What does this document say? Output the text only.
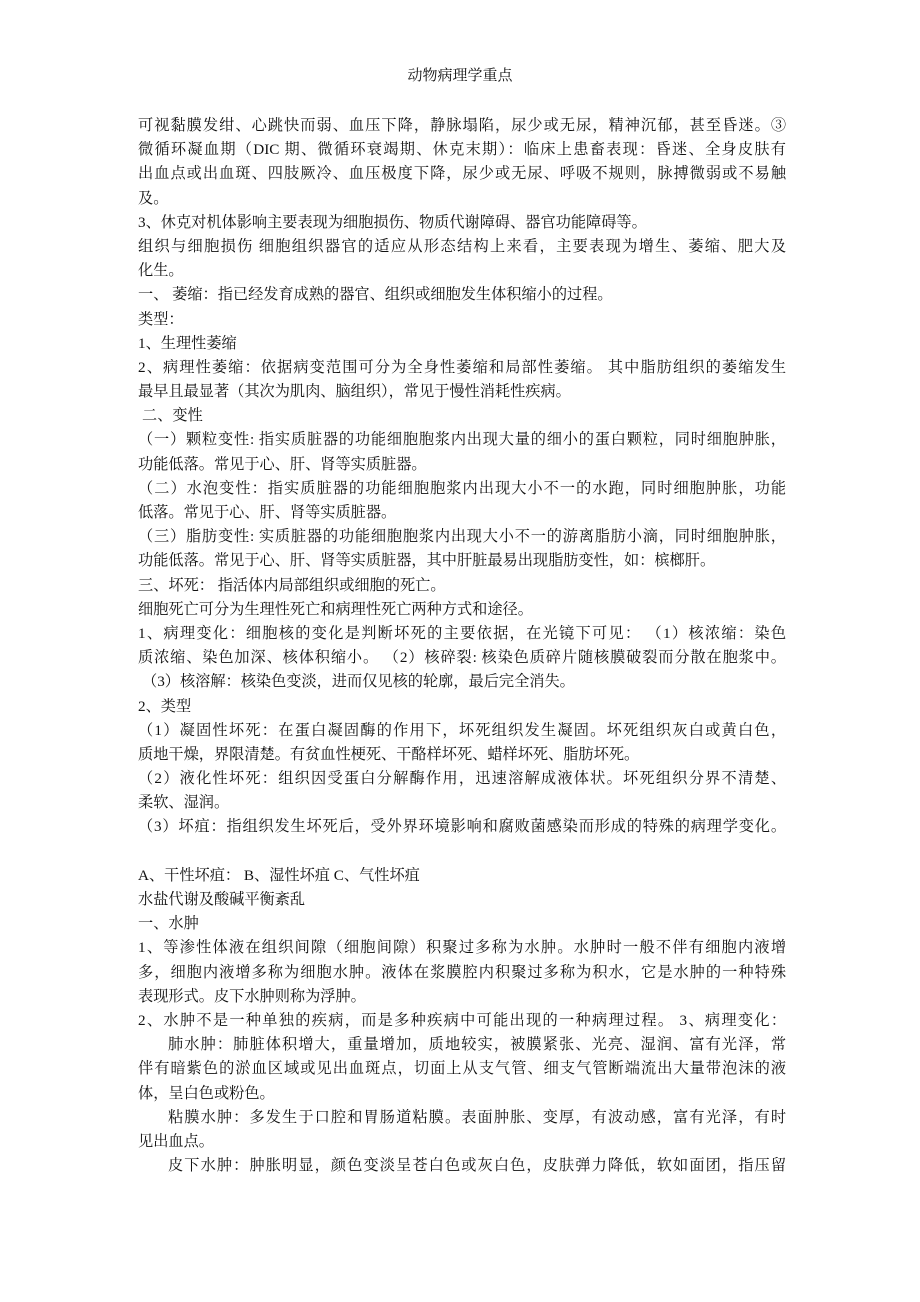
动物病理学重点
可视黏膜发绀、心跳快而弱、血压下降，静脉塌陷，尿少或无尿，精神沉郁，甚至昏迷。③
微循环凝血期（DIC 期、微循环衰竭期、休克末期）：临床上患畜表现：昏迷、全身皮肤有
出血点或出血斑、四肢厥冷、血压极度下降，尿少或无尿、呼吸不规则，脉搏微弱或不易触
及。
3、休克对机体影响主要表现为细胞损伤、物质代谢障碍、器官功能障碍等。
组织与细胞损伤 细胞组织器官的适应从形态结构上来看，主要表现为增生、萎缩、肥大及
化生。
一、 萎缩：指已经发育成熟的器官、组织或细胞发生体积缩小的过程。
类型：
1、生理性萎缩
2、病理性萎缩：依据病变范围可分为全身性萎缩和局部性萎缩。 其中脂肪组织的萎缩发生
最早且最显著（其次为肌肉、脑组织），常见于慢性消耗性疾病。
二、变性
（一）颗粒变性: 指实质脏器的功能细胞胞浆内出现大量的细小的蛋白颗粒，同时细胞肿胀，
功能低落。常见于心、肝、肾等实质脏器。
（二）水泡变性：指实质脏器的功能细胞胞浆内出现大小不一的水跑，同时细胞肿胀，功能
低落。常见于心、肝、肾等实质脏器。
（三）脂肪变性: 实质脏器的功能细胞胞浆内出现大小不一的游离脂肪小滴，同时细胞肿胀，
功能低落。常见于心、肝、肾等实质脏器，其中肝脏最易出现脂肪变性，如：槟榔肝。
三、坏死： 指活体内局部组织或细胞的死亡。
细胞死亡可分为生理性死亡和病理性死亡两种方式和途径。
1、病理变化：细胞核的变化是判断坏死的主要依据，在光镜下可见： （1）核浓缩：染色
质浓缩、染色加深、核体积缩小。 （2）核碎裂: 核染色质碎片随核膜破裂而分散在胞浆中。
（3）核溶解：核染色变淡，进而仅见核的轮廓，最后完全消失。
2、类型
（1）凝固性坏死：在蛋白凝固酶的作用下，坏死组织发生凝固。坏死组织灰白或黄白色，
质地干燥，界限清楚。有贫血性梗死、干酪样坏死、蜡样坏死、脂肪坏死。
（2）液化性坏死：组织因受蛋白分解酶作用，迅速溶解成液体状。坏死组织分界不清楚、
柔软、湿润。
（3）坏疽：指组织发生坏死后，受外界环境影响和腐败菌感染而形成的特殊的病理学变化。
A、干性坏疽： B、湿性坏疽 C、气性坏疽
水盐代谢及酸碱平衡紊乱
一、水肿
1、等渗性体液在组织间隙（细胞间隙）积聚过多称为水肿。水肿时一般不伴有细胞内液增
多，细胞内液增多称为细胞水肿。液体在浆膜腔内积聚过多称为积水，它是水肿的一种特殊
表现形式。皮下水肿则称为浮肿。
2、水肿不是一种单独的疾病，而是多种疾病中可能出现的一种病理过程。 3、病理变化：
肺水肿：肺脏体积增大，重量增加，质地较实，被膜紧张、光亮、湿润、富有光泽，常
伴有暗紫色的淤血区域或见出血斑点，切面上从支气管、细支气管断端流出大量带泡沫的液
体，呈白色或粉色。
粘膜水肿：多发生于口腔和胃肠道粘膜。表面肿胀、变厚，有波动感，富有光泽，有时
见出血点。
皮下水肿：肿胀明显，颜色变淡呈苍白色或灰白色，皮肤弹力降低，软如面团，指压留
